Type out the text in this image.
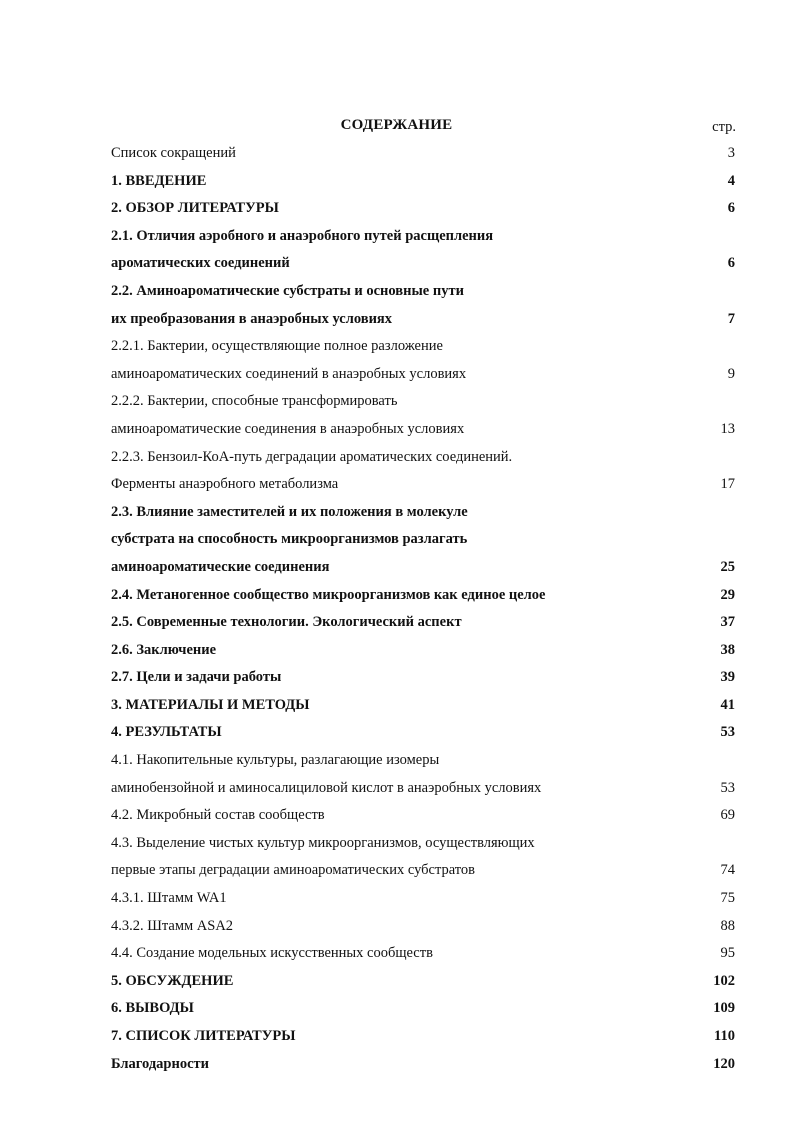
СОДЕРЖАНИЕ	стр.
Список сокращений	3
1. ВВЕДЕНИЕ	4
2. ОБЗОР ЛИТЕРАТУРЫ	6
2.1. Отличия аэробного и анаэробного путей расщепления
ароматических соединений	6
2.2. Аминоароматические субстраты и основные пути
их преобразования в анаэробных условиях	7
2.2.1. Бактерии, осуществляющие полное разложение
аминоароматических соединений в анаэробных условиях	9
2.2.2. Бактерии, способные трансформировать
аминоароматические соединения в анаэробных условиях	13
2.2.3. Бензоил-КоА-путь деградации ароматических соединений.
Ферменты анаэробного метаболизма	17
2.3. Влияние заместителей и их положения в молекуле
субстрата на способность микроорганизмов разлагать
аминоароматические соединения	25
2.4. Метаногенное сообщество микроорганизмов как единое целое	29
2.5. Современные технологии. Экологический аспект	37
2.6. Заключение	38
2.7. Цели и задачи работы	39
3. МАТЕРИАЛЫ И МЕТОДЫ	41
4. РЕЗУЛЬТАТЫ	53
4.1. Накопительные культуры, разлагающие изомеры
аминобензойной и аминосалициловой кислот в анаэробных условиях	53
4.2. Микробный состав сообществ	69
4.3. Выделение чистых культур микроорганизмов, осуществляющих
первые этапы деградации аминоароматических субстратов	74
4.3.1. Штамм WA1	75
4.3.2. Штамм ASA2	88
4.4. Создание модельных искусственных сообществ	95
5. ОБСУЖДЕНИЕ	102
6. ВЫВОДЫ	109
7. СПИСОК ЛИТЕРАТУРЫ	110
Благодарности	120
